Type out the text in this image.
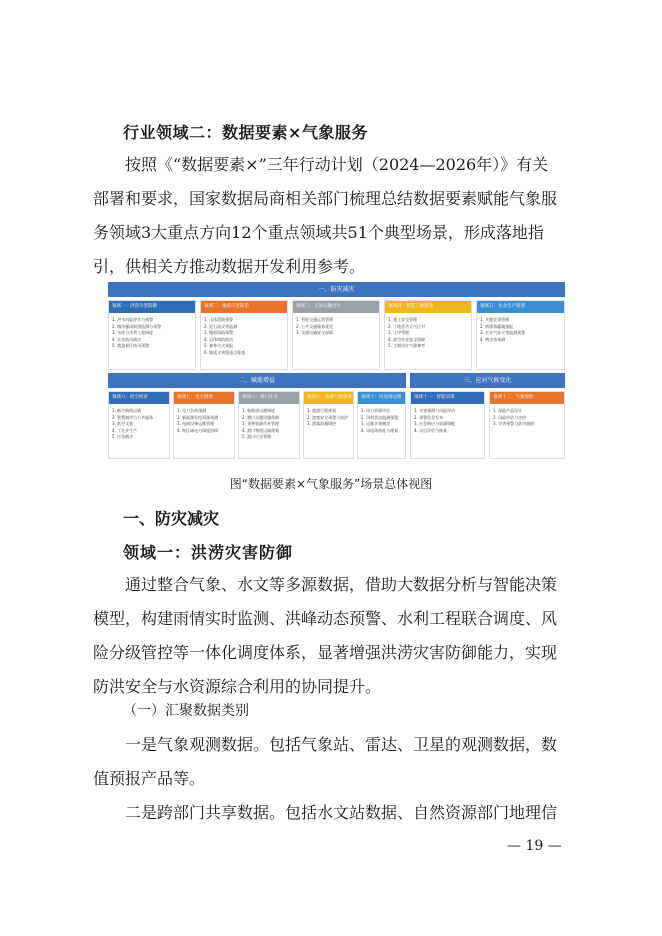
行业领域二：数据要素×气象服务
按照《“数据要素×”三年行动计划（2024—2026年）》有关
部署和要求，国家数据局商相关部门梳理总结数据要素赋能气象服
务领域3大重点方向12个重点领域共51个典型场景，形成落地指
引，供相关方推动数据开发利用参考。
一、防灾减灾
领域一：洪涝灾害防御
1. 洪水风险评估与预警
2. 城市暴雨积涝监测与预警
3. 水库与水利工程调度
4. 农业防汛减灾
5. 旅游景区防汛预警
领域二：地质灾害防范
1. 山体滑坡预警
2. 泥石流灾害监测
3. 地面塌陷预警
4. 岩体塌陷防治
5. 森林火灾预报
6. 地质灾害隐患点排查
领域三：交通运输出行
1. 智能交通运营管理
2. 公共交通服务优化
3. 交通运输安全保障
领域四：智慧工地建设
1. 施工安全管理
2. 工地恶劣天气应对
3. 工序管理
4. 高空作业安全保障
5. 工期设计气象参考
领域五：农业生产管理
1. 关键农事管理
2. 病情和灌溉预报
3. 农业气象灾害监测预警
4. 病虫害预测
二、赋能增益	三、应对气候变化
领域六：低空经济
1. 低空航线运输
2. 智慧城市与公共服务
3. 低空文旅
4. 工农业生产
5. 应急减灾
领域七：电力调度
1. 电力负荷预测
2. 新能源发电资源预测
3. 电网设备运维管理
4. 跨区域电力调度协调
领域八：港口作业
1. 船舶进出港调度
2. 港口关键设施保障
3. 货物装卸作业管理
4. 港口物流运输规划
5. 港口应急管理
领域九：旅游气象服务
1. 旅游行程规划
2. 游客安全预警与防护
3. 游客流量调控
领域十：风电场运维
1. 风力资源评估
2. 风机状态监测预警
3. 运维计划制定
4. 风电场选址与规划
领域十一：智能决策
1. 灾害预测与风险评估
2. 预警信息发布
3. 应急响应与资源调配
4. 灾后评估与恢复
领域十二：气象保险
1. 保险产品设计
2. 风险评估与定价
3. 灾害预警与防灾减损
图“数据要素×气象服务”场景总体视图
一、防灾减灾
领域一：洪涝灾害防御
通过整合气象、水文等多源数据，借助大数据分析与智能决策
模型，构建雨情实时监测、洪峰动态预警、水利工程联合调度、风
险分级管控等一体化调度体系，显著增强洪涝灾害防御能力，实现
防洪安全与水资源综合利用的协同提升。
（一）汇聚数据类别
一是气象观测数据。包括气象站、雷达、卫星的观测数据，数
值预报产品等。
二是跨部门共享数据。包括水文站数据、自然资源部门地理信
— 19 —
